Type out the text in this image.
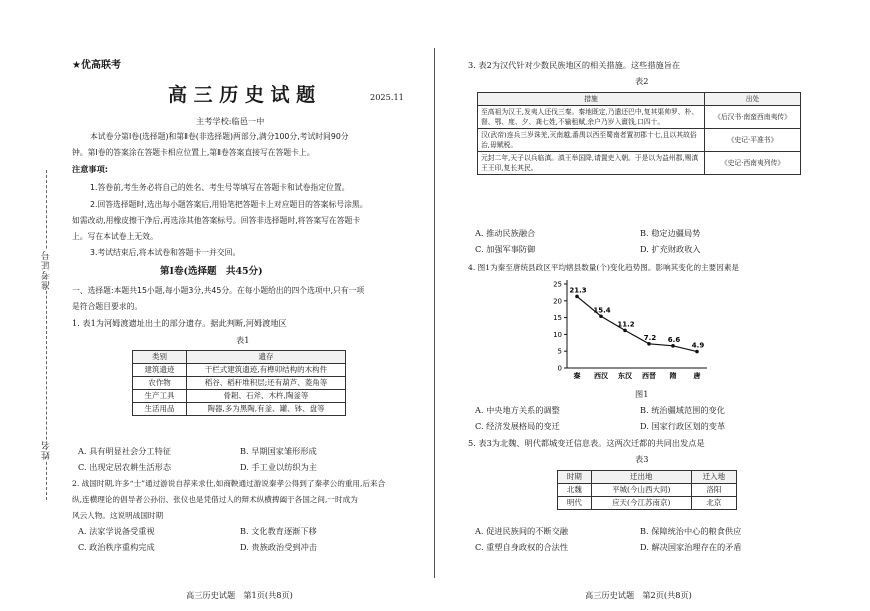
准考证号
姓名
★优高联考
高 三 历 史 试 题	2025.11
主考学校:临邑一中
本试卷分第Ⅰ卷(选择题)和第Ⅱ卷(非选择题)两部分,满分100分,考试时间90分
钟。第Ⅰ卷的答案涂在答题卡相应位置上,第Ⅱ卷答案直接写在答题卡上。
注意事项:
1.答卷前,考生务必将自己的姓名、考生号等填写在答题卡和试卷指定位置。
2.回答选择题时,选出每小题答案后,用铅笔把答题卡上对应题目的答案标号涂黑。
如需改动,用橡皮擦干净后,再选涂其他答案标号。回答非选择题时,将答案写在答题卡
上。写在本试卷上无效。
3.考试结束后,将本试卷和答题卡一并交回。
第Ⅰ卷(选择题　共45分)
一、选择题:本题共15小题,每小题3分,共45分。在每小题给出的四个选项中,只有一项
是符合题目要求的。
1. 表1为河姆渡遗址出土的部分遗存。据此判断,河姆渡地区
表1
类别	遗存
建筑遗迹	干栏式建筑遗迹,有榫卯结构的木构件
农作物	稻谷、稻秆堆积层;还有葫芦、菱角等
生产工具	骨耜、石斧、木杵,陶釜等
生活用品	陶器,多为黑陶,有釜、罐、钵、盘等
A. 具有明显社会分工特征	B. 早期国家雏形形成
C. 出现定居农耕生活形态	D. 手工业以纺织为主
2. 战国时期,许多“士”通过游说自荐来求仕,如商鞅通过游说秦孝公得到了秦孝公的重用,后来合
纵,连横理论的倡导者公孙衍、张仪也是凭借过人的辩术纵横捭阖于各国之间,一时成为
风云人物。这说明战国时期
A. 法家学说备受重视	B. 文化教育逐渐下移
C. 政治秩序重构完成	D. 贵族政治受到冲击
高三历史试题　第1页(共8页)
3. 表2为汉代针对少数民族地区的相关措施。这些措施旨在
表2
措施	出处
至高祖为汉王,发夷人还伐三秦。秦地既定,乃遣还巴中,复其渠帅罗、朴、督、鄂、度、夕、龚七姓,不输租赋,余户乃岁入賨钱,口四十。	《后汉书·南蛮西南夷传》
汉(武帝)连兵三岁诛羌,灭南越,番禺以西至蜀南者置初郡十七,且以其故俗治,毋赋税。	《史记·平准书》
元封二年,天子以兵临滇。滇王举国降,请置吏入朝。于是以为益州郡,赐滇王王印,复长其民。	《史记·西南夷列传》
A. 推动民族融合	B. 稳定边疆局势
C. 加强军事防御	D. 扩充财政收入
4. 图1为秦至唐统县政区平均辖县数量(个)变化趋势图。影响其变化的主要因素是
0
5
10
15
20
25
秦 西汉 东汉 西晋 隋 唐
21.3
15.4
11.2
7.2 6.6
4.9
图1
A. 中央地方关系的调整	B. 统治疆域范围的变化
C. 经济发展格局的变迁	D. 国家行政区划的变革
5. 表3为北魏、明代都城变迁信息表。这两次迁都的共同出发点是
表3
时期	迁出地	迁入地
北魏	平城(今山西大同)	洛阳
明代	应天(今江苏南京)	北京
A. 促进民族间的不断交融	B. 保障统治中心的粮食供应
C. 重塑自身政权的合法性	D. 解决国家治理存在的矛盾
高三历史试题　第2页(共8页)
